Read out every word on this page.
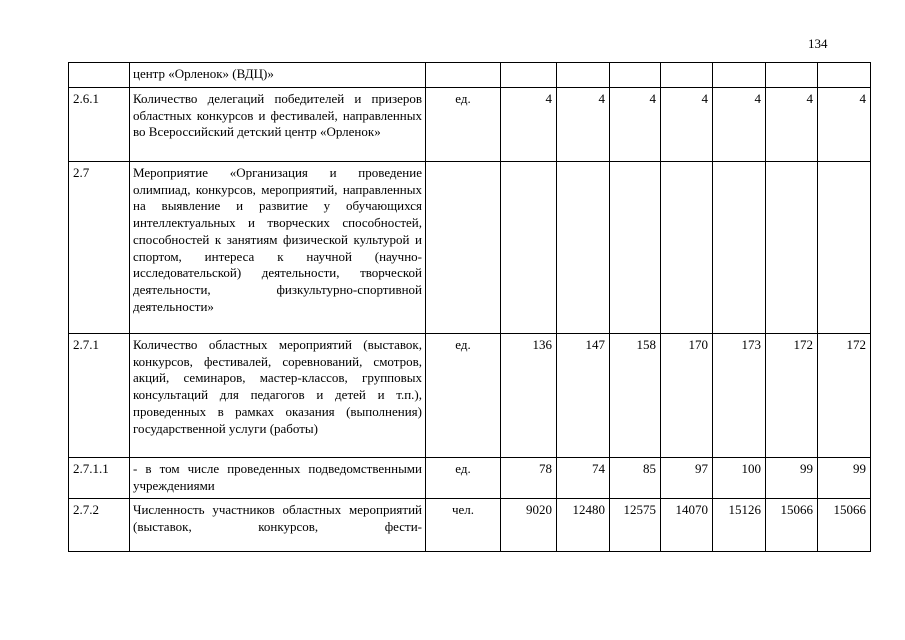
134
	центр «Орленок» (ВДЦ)»								
2.6.1	Количество делегаций победителей и призеров областных конкурсов и фестивалей, направленных во Всероссийский детский центр «Орленок»	ед.	4	4	4	4	4	4	4
2.7	Мероприятие «Организация и проведение олимпиад, конкурсов, мероприятий, направленных на выявление и развитие у обучающихся интеллектуальных и творческих способностей, способностей к занятиям физической культурой и спортом, интереса к научной (научно-исследовательской) деятельности, творческой деятельности, физкультурно-спортивной деятельности»								
2.7.1	Количество областных мероприятий (выставок, конкурсов, фестивалей, соревнований, смотров, акций, семинаров, мастер-классов, групповых консультаций для педагогов и детей и т.п.), проведенных в рамках оказания (выполнения) государственной услуги (работы)	ед.	136	147	158	170	173	172	172
2.7.1.1	- в том числе проведенных подведомственными учреждениями	ед.	78	74	85	97	100	99	99
2.7.2	Численность участников областных мероприятий (выставок, конкурсов, фести-	чел.	9020	12480	12575	14070	15126	15066	15066
